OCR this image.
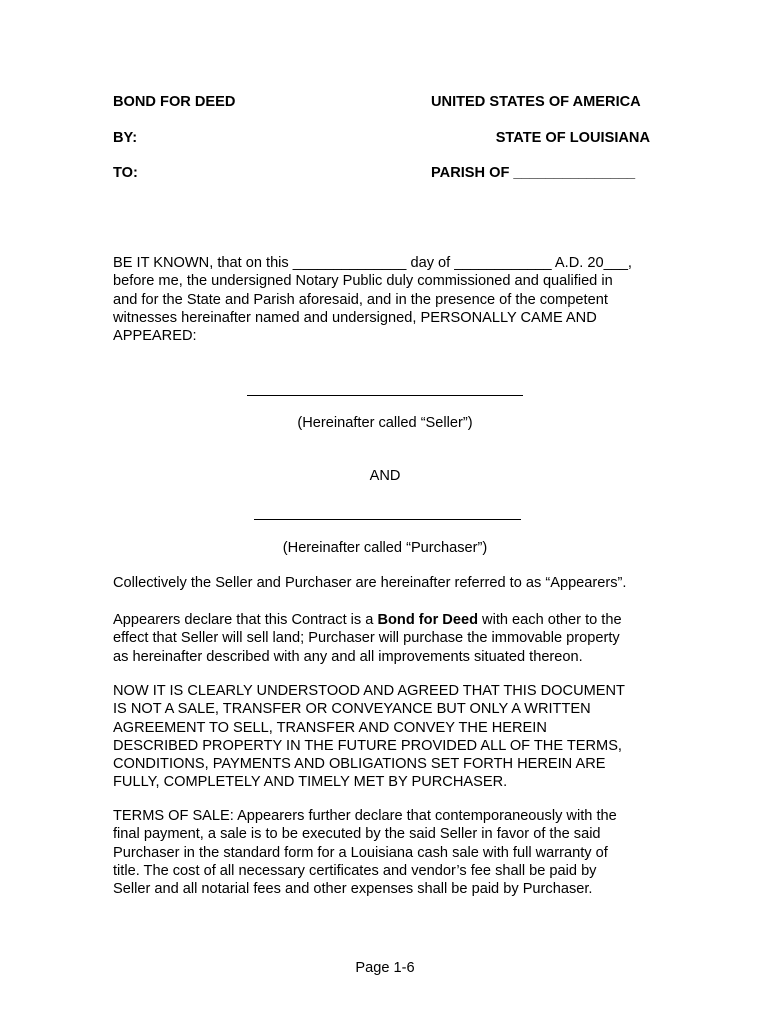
BOND FOR DEED
BY:
TO:
UNITED STATES OF AMERICA
STATE OF LOUISIANA
PARISH OF _______________
BE IT KNOWN, that on this ______________ day of ____________ A.D. 20___,
before me, the undersigned Notary Public duly commissioned and qualified in
and for the State and Parish aforesaid, and in the presence of the competent
witnesses hereinafter named and undersigned, PERSONALLY CAME AND
APPEARED:
(Hereinafter called “Seller”)
AND
(Hereinafter called “Purchaser”)
Collectively the Seller and Purchaser are hereinafter referred to as “Appearers”.
Appearers declare that this Contract is a Bond for Deed with each other to the
effect that Seller will sell land; Purchaser will purchase the immovable property
as hereinafter described with any and all improvements situated thereon.
NOW IT IS CLEARLY UNDERSTOOD AND AGREED THAT THIS DOCUMENT
IS NOT A SALE, TRANSFER OR CONVEYANCE BUT ONLY A WRITTEN
AGREEMENT TO SELL, TRANSFER AND CONVEY THE HEREIN
DESCRIBED PROPERTY IN THE FUTURE PROVIDED ALL OF THE TERMS,
CONDITIONS, PAYMENTS AND OBLIGATIONS SET FORTH HEREIN ARE
FULLY, COMPLETELY AND TIMELY MET BY PURCHASER.
TERMS OF SALE: Appearers further declare that contemporaneously with the
final payment, a sale is to be executed by the said Seller in favor of the said
Purchaser in the standard form for a Louisiana cash sale with full warranty of
title. The cost of all necessary certificates and vendor’s fee shall be paid by
Seller and all notarial fees and other expenses shall be paid by Purchaser.
Page 1-6
